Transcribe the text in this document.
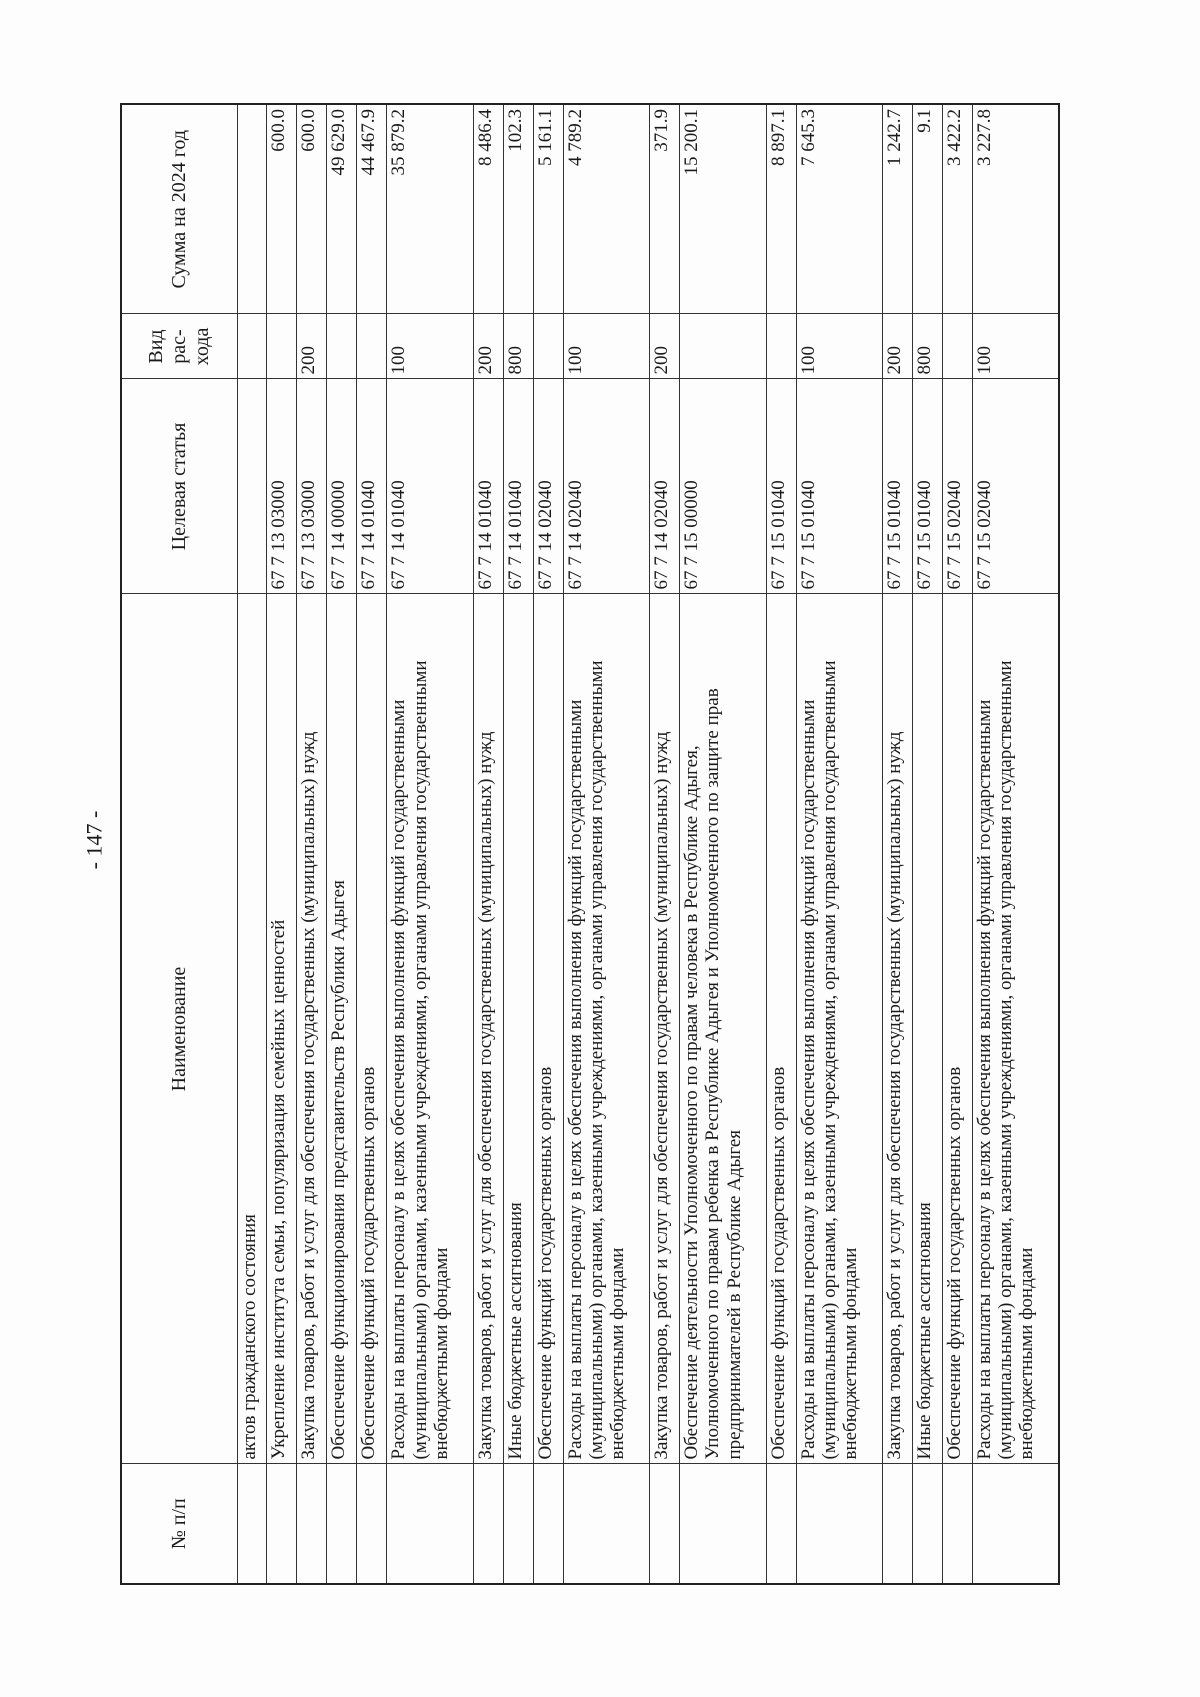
- 147 -
№ п/п	Наименование	Целевая статья	Вид рас- хода	Сумма на 2024 год
	актов гражданского состояния			
	Укрепление института семьи, популяризация семейных ценностей	67 7 13 03000		600.0
	Закупка товаров, работ и услуг для обеспечения государственных (муниципальных) нужд	67 7 13 03000	200	600.0
	Обеспечение функционирования представительств Республики Адыгея	67 7 14 00000		49 629.0
	Обеспечение функций государственных органов	67 7 14 01040		44 467.9
	Расходы на выплаты персоналу в целях обеспечения выполнения функций государственными (муниципальными) органами, казенными учреждениями, органами управления государственными внебюджетными фондами	67 7 14 01040	100	35 879.2
	Закупка товаров, работ и услуг для обеспечения государственных (муниципальных) нужд	67 7 14 01040	200	8 486.4
	Иные бюджетные ассигнования	67 7 14 01040	800	102.3
	Обеспечение функций государственных органов	67 7 14 02040		5 161.1
	Расходы на выплаты персоналу в целях обеспечения выполнения функций государственными (муниципальными) органами, казенными учреждениями, органами управления государственными внебюджетными фондами	67 7 14 02040	100	4 789.2
	Закупка товаров, работ и услуг для обеспечения государственных (муниципальных) нужд	67 7 14 02040	200	371.9
	Обеспечение деятельности Уполномоченного по правам человека в Республике Адыгея, Уполномоченного по правам ребенка в Республике Адыгея и Уполномоченного по защите прав предпринимателей в Республике Адыгея	67 7 15 00000		15 200.1
	Обеспечение функций государственных органов	67 7 15 01040		8 897.1
	Расходы на выплаты персоналу в целях обеспечения выполнения функций государственными (муниципальными) органами, казенными учреждениями, органами управления государственными внебюджетными фондами	67 7 15 01040	100	7 645.3
	Закупка товаров, работ и услуг для обеспечения государственных (муниципальных) нужд	67 7 15 01040	200	1 242.7
	Иные бюджетные ассигнования	67 7 15 01040	800	9.1
	Обеспечение функций государственных органов	67 7 15 02040		3 422.2
	Расходы на выплаты персоналу в целях обеспечения выполнения функций государственными (муниципальными) органами, казенными учреждениями, органами управления государственными внебюджетными фондами	67 7 15 02040	100	3 227.8
